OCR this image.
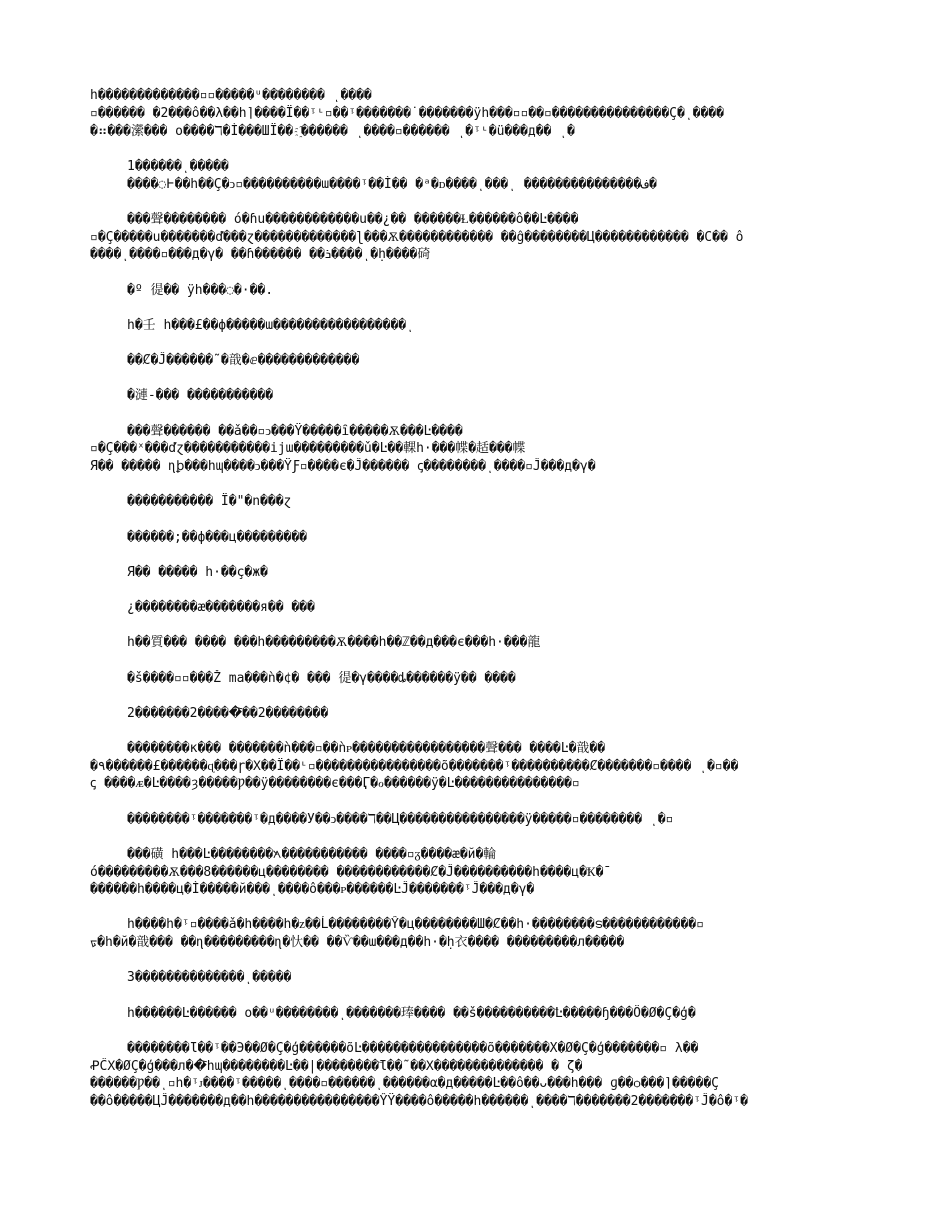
h�������������▫▫�����ᵘ��҇������ ͺ����
▫������ �2���ô��λ��h⌉����Ï��ᵎᶫ▫��ᵎ�����҇��˙�������ÿh���▫▫��▫���������������Ç�ͺ����
�⠶���瀠��� o����ℸ�Ì���ШÏ�� ҈������ ͺ����▫������ ͺ�ᵎᶫ�ü���д�� ͺ�
1������ͺ�����
����◌Ͱ��h��Ç�ↄ▫����������ɯ����ᵎ��Ì�� �ᵃ�ᴅ����ͺ���ͺ ���������������ف�
���聲�������� ó�ɦu������������u��¿�� ������Ɫ������ô��Ŀ����
▫�Ç�����u�������ď���ɀ�������������ɭ���Ѫ������������ ��ĝ��������Ц������������ �C�� ô
����ͺ����▫���д�γ� ��ɦ������ ��ܪ����ͺ�ḥ����碕
�º 徥�� ÿh���◌�·��.
h�壬 h���£��ф�����ɯ�����������������ͺ
��Ȼ�Ĵ������˜�戠�ⅇ�������������
�漣-��� �����������
���聲������ ��ǎ��▫ↄ���Ÿ�����ȋ�����Ѫ���Ŀ����
▫�Ç���ˣ���ďɀ�����������ijɯ���������ǔ�Ŀ��輠h·���幉�趏���幉
Я�� ����� ɳꝧ���hɰ����ↄ���ŸƑ▫����є�Ĵ������ ꞔ��������ͺ����▫Ĵ���д�γ�
����������� Ï�"�n���ɀ
������;��ф���ц���������
Я�� ����� h·��ç�ж�
¿��������æ�������я�� ���
h��質��� ���� ���h���������Ѫ����h��ℤ��д���є���h·���龍
�š����▫▫���Ž ma���ǹ�¢� ��� 徥�γ����ȡ������ÿ�� ����
2�������2�����҇��2��������
��������ĸ��� �������ǹ���▫��ǹᴘ�����������������聲��� ����Ŀ�戠��
�٩������£������ɋ���ɼ�Χ��Ï��ᶫ▫����������������õ�������ᵎ�����҇�����Ȼ�������▫���� ͺ�▫��
ꞔ ����ᴁ�Ŀ����ȝ�����Ƿ��ÿ��������є���Ӷ�ℴ������ÿ�Ŀ���������������▫
��������ᵎ�����҇��ᵎ᠋�д����У��ↄ����ℸ��Ц����������������ÿ�����▫�������� ͺ�▫
���磺 h���Ŀ��������᭶����������� ����▫ᵹ����æ�й�輪
ó���������Ѫ���8������ц�������� ������������Ȼ�Ĵ����������h����ц�Ҟ�ˉ
������h����ц�Ì�����й���ͺ����ô���ᴘ������ĿĴ�������ᵎĴ���д�γ�
h����h�ᵎ▫����ǎ�h����h�ᴢ��Ĺ��������Ŷ�ц��������Ш�Ȼ��h·��������ട������������▫
ᢑ�h�й�戠��� ��ɳ���������ɳ�忕�� ��Ѷ��ɯ���д��h·�ḥ衣���� ���������л�����
3��������������ͺ�����
h������Ŀ������ o��ᵘ��҇������ͺ�������琫���� ��š����������҇Ŀ�����ɧ���Ö�Ø�Ç�ģ�
��������Ɩ��ᵎ��Э��Ø�Ç�ģ������õĿ����������������õ�������Х�Ø�Ç�ģ�������▫ λ��
ꝒĈΧ�ØÇ�ģ���л��҇hɰ��������Ŀ��|��������҇Ɩ��˜��Χ���҇����������� � ζ�
������Ƿ��ͺ▫h�ᵎᴊ����ᵎ�����ͺ����▫������ͺ������α�д�����Ŀ��ô��ᴗ���h��� ɡ��ѻ���⌉�����Ç
��ô�����ЦĴ�������д��h����������������ŶŸ����ô�����h������ͺ����ℸ�������2�����҇��ᵎĴ�ô�ᵎ�
